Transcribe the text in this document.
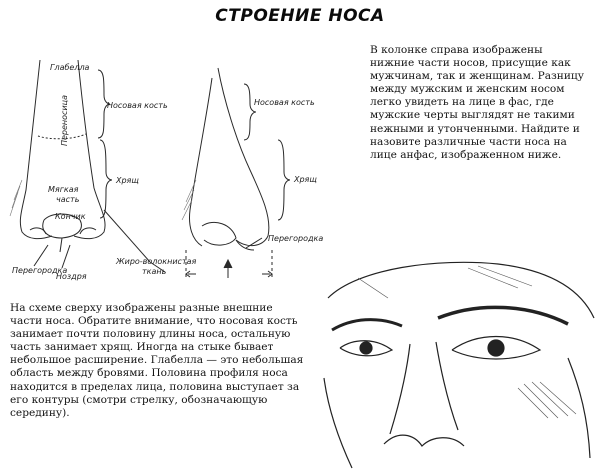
СТРОЕНИЕ НОСА
Глабелла
Переносица	Носовая кость
Хрящ
Мягкая
часть
Кончик
Перегородка
Ноздря
Жиро-волокнистая
ткань
Носовая кость
Хрящ
Перегородка

В колонке справа изображены нижние части носов, присущие как мужчинам, так и женщинам. Разницу между мужским и женским носом легко увидеть на лице в фас, где мужские черты выглядят не такими нежными и утонченными. Найдите и назовите различные части носа на лице анфас, изображенном ниже.

На схеме сверху изображены разные внешние части носа. Обратите внимание, что носовая кость занимает почти половину длины носа, остальную часть занимает хрящ. Иногда на стыке бывает небольшое расширение. Глабелла — это небольшая область между бровями. Половина профиля носа находится в пределах лица, половина выступает за его контуры (смотри стрелку, обозначающую середину).
